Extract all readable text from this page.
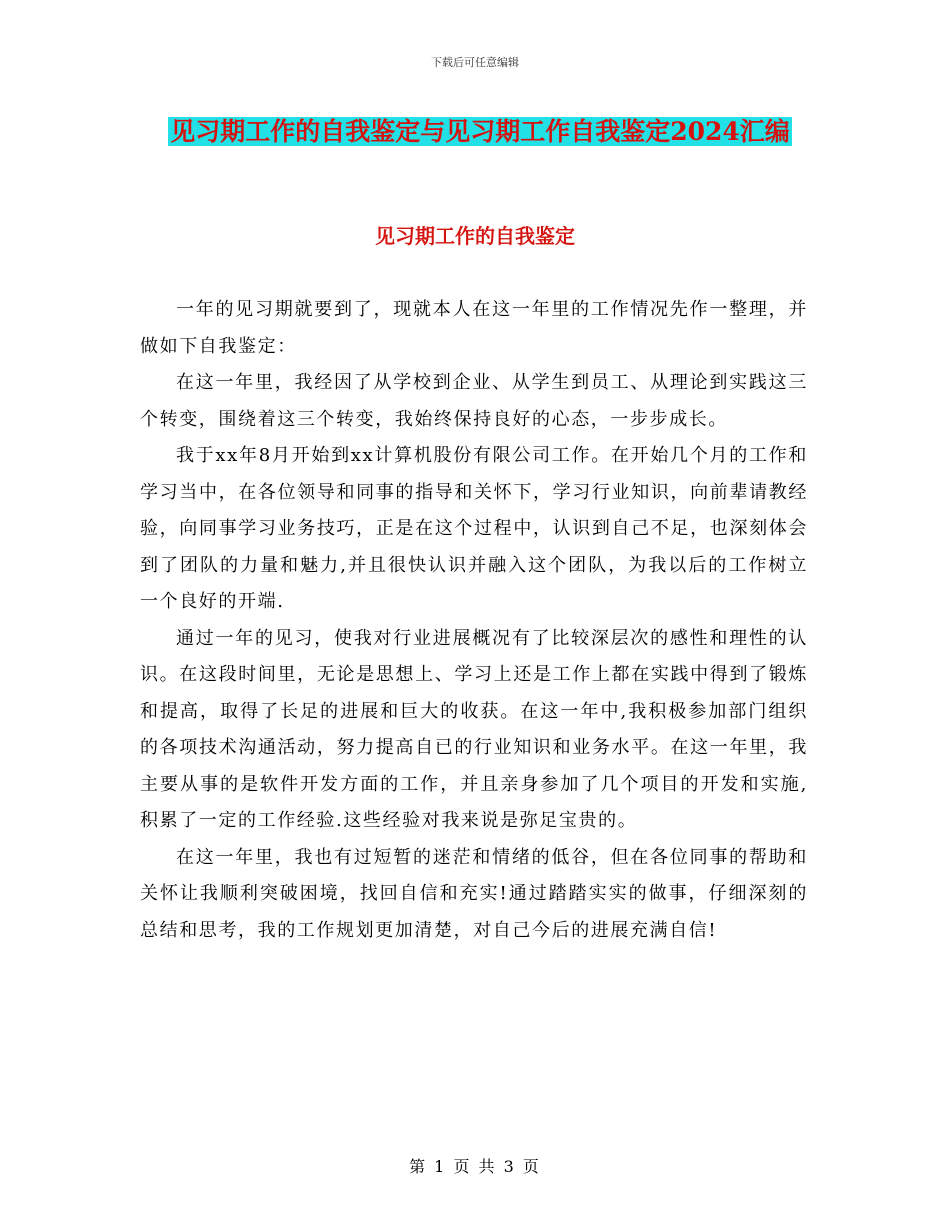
下载后可任意编辑
见习期工作的自我鉴定与见习期工作自我鉴定2024汇编
见习期工作的自我鉴定

一年的见习期就要到了，现就本人在这一年里的工作情况先作一整理，并做如下自我鉴定：

在这一年里，我经因了从学校到企业、从学生到员工、从理论到实践这三个转变，围绕着这三个转变，我始终保持良好的心态，一步步成长。

我于xx年8月开始到xx计算机股份有限公司工作。在开始几个月的工作和学习当中，在各位领导和同事的指导和关怀下，学习行业知识，向前辈请教经验，向同事学习业务技巧，正是在这个过程中，认识到自己不足，也深刻体会到了团队的力量和魅力,并且很快认识并融入这个团队，为我以后的工作树立一个良好的开端.

通过一年的见习，使我对行业进展概况有了比较深层次的感性和理性的认识。在这段时间里，无论是思想上、学习上还是工作上都在实践中得到了锻炼和提高，取得了长足的进展和巨大的收获。在这一年中,我积极参加部门组织的各项技术沟通活动，努力提高自已的行业知识和业务水平。在这一年里，我主要从事的是软件开发方面的工作，并且亲身参加了几个项目的开发和实施,积累了一定的工作经验.这些经验对我来说是弥足宝贵的。

在这一年里，我也有过短暂的迷茫和情绪的低谷，但在各位同事的帮助和关怀让我顺利突破困境，找回自信和充实!通过踏踏实实的做事，仔细深刻的总结和思考，我的工作规划更加清楚，对自己今后的进展充满自信!

第 1 页 共 3 页
